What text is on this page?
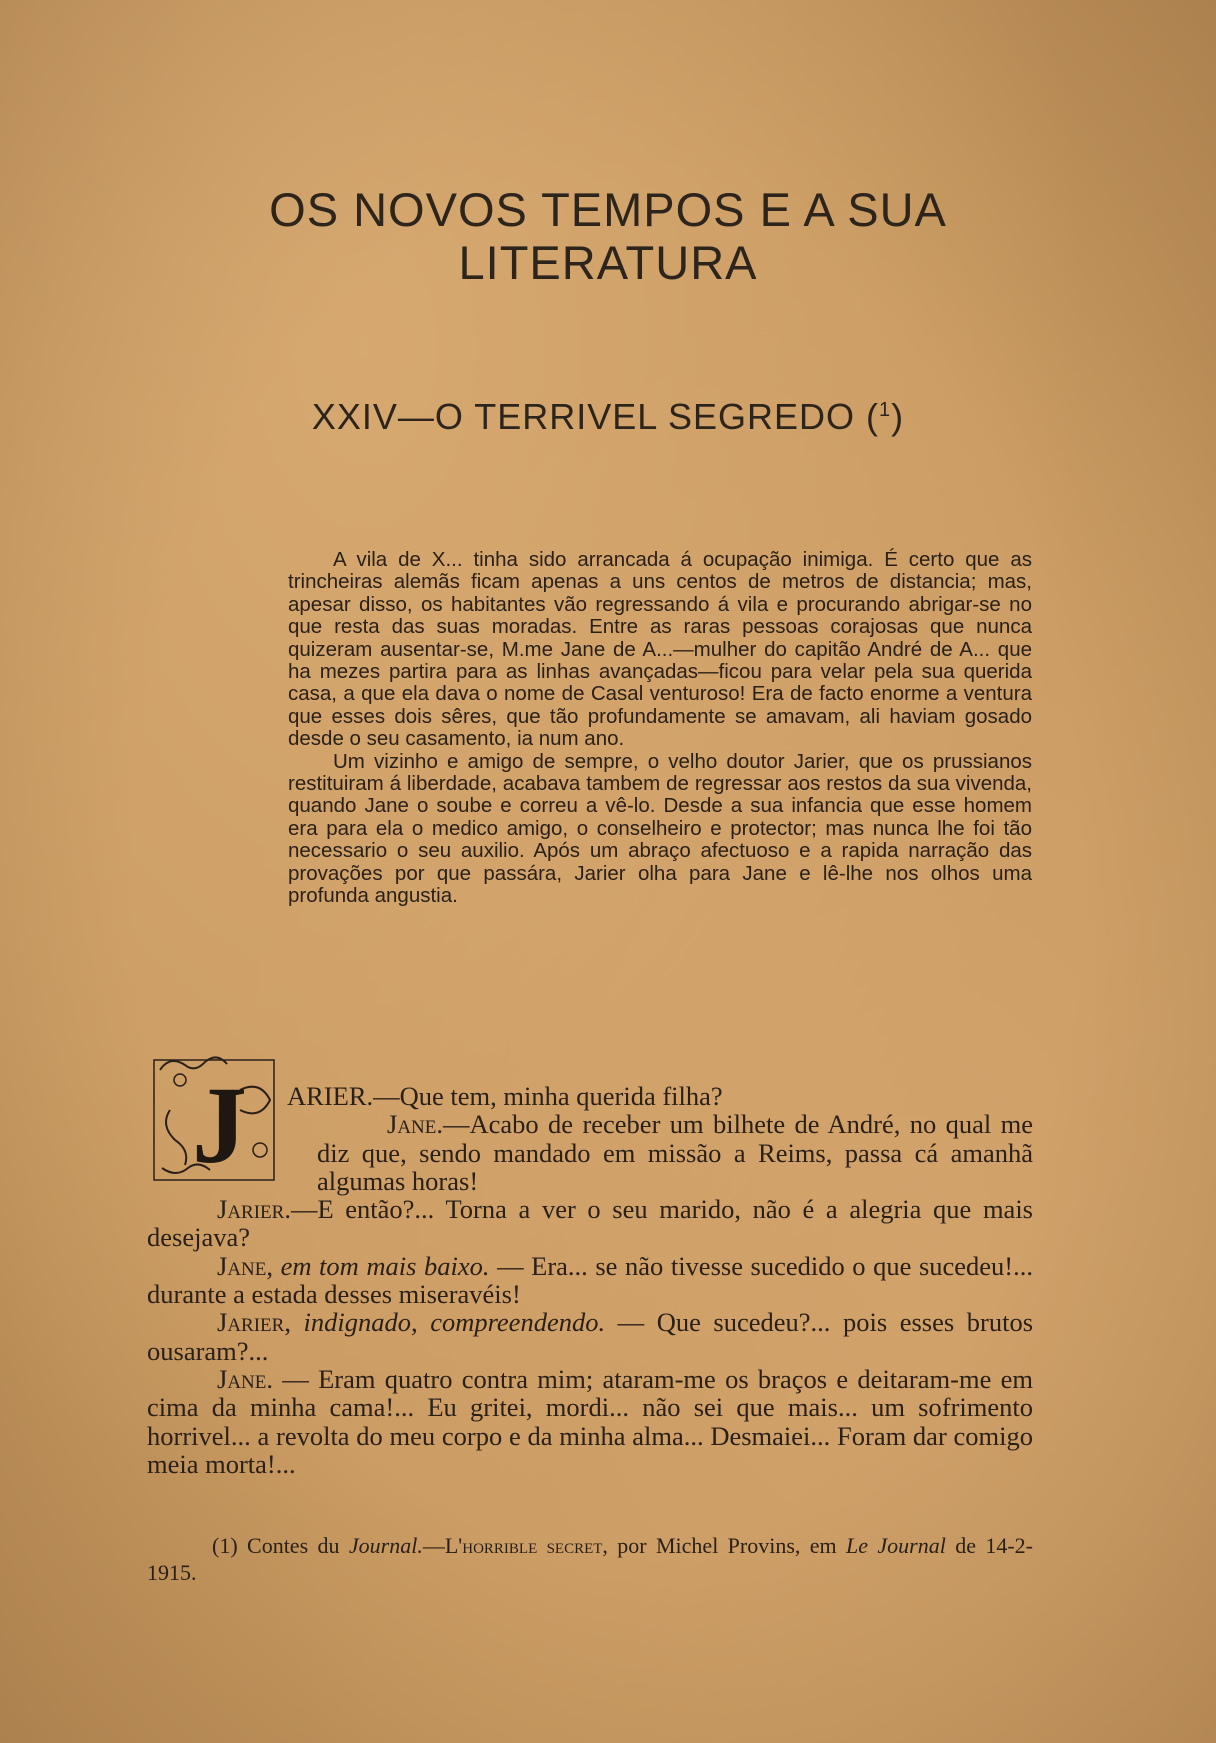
OS NOVOS TEMPOS E A SUA
LITERATURA
XXIV—O TERRIVEL SEGREDO ($^1$)

A vila de X... tinha sido arrancada á ocupação inimiga. É certo que as trincheiras alemãs ficam apenas a uns centos de metros de distancia; mas, apesar disso, os habitantes vão regressando á vila e procurando abrigar-se no que resta das suas moradas. Entre as raras pessoas corajosas que nunca quizeram ausentar-se, M.me Jane de A...—mulher do capitão André de A... que ha mezes partira para as linhas avançadas—ficou para velar pela sua querida casa, a que ela dava o nome de Casal venturoso! Era de facto enorme a ventura que esses dois sêres, que tão profundamente se amavam, ali haviam gosado desde o seu casamento, ia num ano.

Um vizinho e amigo de sempre, o velho doutor Jarier, que os prussianos restituiram á liberdade, acabava tambem de regressar aos restos da sua vivenda, quando Jane o soube e correu a vê-lo. Desde a sua infancia que esse homem era para ela o medico amigo, o conselheiro e protector; mas nunca lhe foi tão necessario o seu auxilio. Após um abraço afectuoso e a rapida narração das provações por que passára, Jarier olha para Jane e lê-lhe nos olhos uma profunda angustia.

J ARIER.—Que tem, minha querida filha?

Jane.—Acabo de receber um bilhete de André, no qual me diz que, sendo mandado em missão a Reims, passa cá amanhã algumas horas!

Jarier.—E então?... Torna a ver o seu marido, não é a alegria que mais desejava?

Jane, em tom mais baixo. — Era... se não tivesse sucedido o que sucedeu!... durante a estada desses miseravéis!

Jarier, indignado, compreendendo. — Que sucedeu?... pois esses brutos ousaram?...

Jane. — Eram quatro contra mim; ataram-me os braços e deitaram-me em cima da minha cama!... Eu gritei, mordi... não sei que mais... um sofrimento horrivel... a revolta do meu corpo e da minha alma... Desmaiei... Foram dar comigo meia morta!...

(1) Contes du Journal.—L'horrible secret, por Michel Provins, em Le Journal de 14-2-1915.
